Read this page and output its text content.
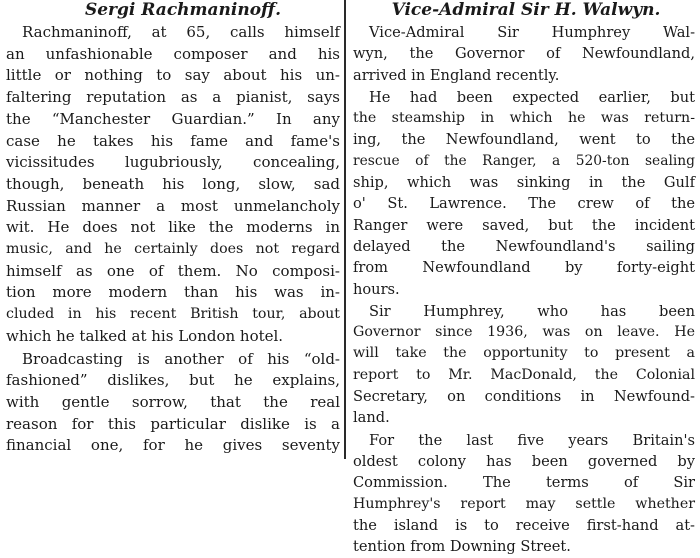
Sergi Rachmaninoff.

Rachmaninoff, at 65, calls himself
an unfashionable composer and his
little or nothing to say about his un-
faltering reputation as a pianist, says
the “Manchester Guardian.” In any
case he takes his fame and fame's
vicissitudes lugubriously, concealing,
though, beneath his long, slow, sad
Russian manner a most unmelancholy
wit. He does not like the moderns in
music, and he certainly does not regard
himself as one of them. No composi-
tion more modern than his was in-
cluded in his recent British tour, about
which he talked at his London hotel.

Broadcasting is another of his “old-
fashioned” dislikes, but he explains,
with gentle sorrow, that the real
reason for this particular dislike is a
financial one, for he gives seventy

Vice-Admiral Sir H. Walwyn.

Vice-Admiral Sir Humphrey Wal-
wyn, the Governor of Newfoundland,
arrived in England recently.

He had been expected earlier, but
the steamship in which he was return-
ing, the Newfoundland, went to the
rescue of the Ranger, a 520-ton sealing
ship, which was sinking in the Gulf
o' St. Lawrence. The crew of the
Ranger were saved, but the incident
delayed the Newfoundland's sailing
from Newfoundland by forty-eight
hours.

Sir Humphrey, who has been
Governor since 1936, was on leave. He
will take the opportunity to present a
report to Mr. MacDonald, the Colonial
Secretary, on conditions in Newfound-
land.

For the last five years Britain's
oldest colony has been governed by
Commission. The terms of Sir
Humphrey's report may settle whether
the island is to receive first-hand at-
tention from Downing Street.
